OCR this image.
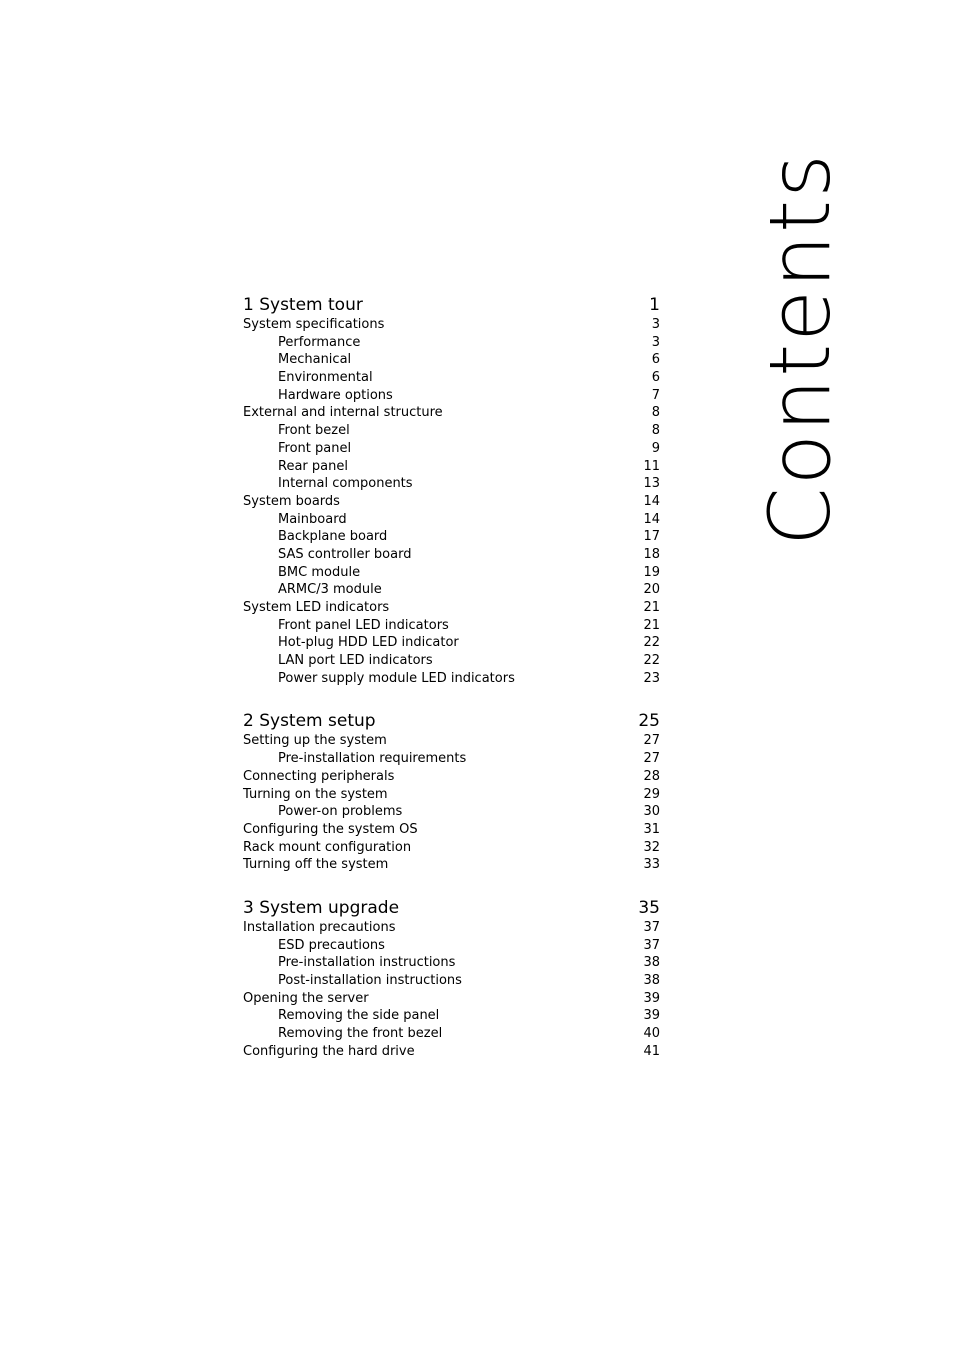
Contents
1 System tour	1
System specifications	3
Performance	3
Mechanical	6
Environmental	6
Hardware options	7
External and internal structure	8
Front bezel	8
Front panel	9
Rear panel	11
Internal components	13
System boards	14
Mainboard	14
Backplane board	17
SAS controller board	18
BMC module	19
ARMC/3 module	20
System LED indicators	21
Front panel LED indicators	21
Hot-plug HDD LED indicator	22
LAN port LED indicators	22
Power supply module LED indicators	23
2 System setup	25
Setting up the system	27
Pre-installation requirements	27
Connecting peripherals	28
Turning on the system	29
Power-on problems	30
Configuring the system OS	31
Rack mount configuration	32
Turning off the system	33
3 System upgrade	35
Installation precautions	37
ESD precautions	37
Pre-installation instructions	38
Post-installation instructions	38
Opening the server	39
Removing the side panel	39
Removing the front bezel	40
Configuring the hard drive	41
